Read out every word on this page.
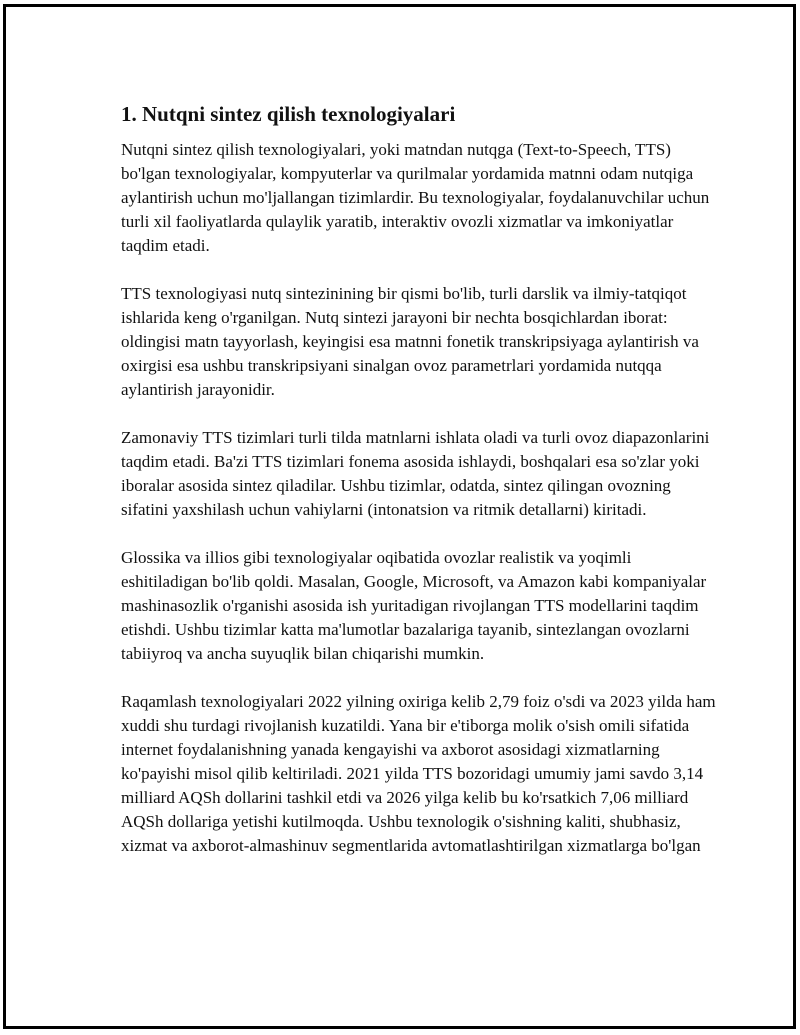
1. Nutqni sintez qilish texnologiyalari

Nutqni sintez qilish texnologiyalari, yoki matndan nutqga (Text-to-Speech, TTS) bo'lgan texnologiyalar, kompyuterlar va qurilmalar yordamida matnni odam nutqiga aylantirish uchun mo'ljallangan tizimlardir. Bu texnologiyalar, foydalanuvchilar uchun turli xil faoliyatlarda qulaylik yaratib, interaktiv ovozli xizmatlar va imkoniyatlar taqdim etadi.

TTS texnologiyasi nutq sintezinining bir qismi bo'lib, turli darslik va ilmiy-tatqiqot ishlarida keng o'rganilgan. Nutq sintezi jarayoni bir nechta bosqichlardan iborat: oldingisi matn tayyorlash, keyingisi esa matnni fonetik transkripsiyaga aylantirish va oxirgisi esa ushbu transkripsiyani sinalgan ovoz parametrlari yordamida nutqqa aylantirish jarayonidir.

Zamonaviy TTS tizimlari turli tilda matnlarni ishlata oladi va turli ovoz diapazonlarini taqdim etadi. Ba'zi TTS tizimlari fonema asosida ishlaydi, boshqalari esa so'zlar yoki iboralar asosida sintez qiladilar. Ushbu tizimlar, odatda, sintez qilingan ovozning sifatini yaxshilash uchun vahiylarni (intonatsion va ritmik detallarni) kiritadi.

Glossika va illios gibi texnologiyalar oqibatida ovozlar realistik va yoqimli eshitiladigan bo'lib qoldi. Masalan, Google, Microsoft, va Amazon kabi kompaniyalar mashinasozlik o'rganishi asosida ish yuritadigan rivojlangan TTS modellarini taqdim etishdi. Ushbu tizimlar katta ma'lumotlar bazalariga tayanib, sintezlangan ovozlarni tabiiyroq va ancha suyuqlik bilan chiqarishi mumkin.

Raqamlash texnologiyalari 2022 yilning oxiriga kelib 2,79 foiz o'sdi va 2023 yilda ham xuddi shu turdagi rivojlanish kuzatildi. Yana bir e'tiborga molik o'sish omili sifatida internet foydalanishning yanada kengayishi va axborot asosidagi xizmatlarning ko'payishi misol qilib keltiriladi. 2021 yilda TTS bozoridagi umumiy jami savdo 3,14 milliard AQSh dollarini tashkil etdi va 2026 yilga kelib bu ko'rsatkich 7,06 milliard AQSh dollariga yetishi kutilmoqda. Ushbu texnologik o'sishning kaliti, shubhasiz, xizmat va axborot-almashinuv segmentlarida avtomatlashtirilgan xizmatlarga bo'lgan
